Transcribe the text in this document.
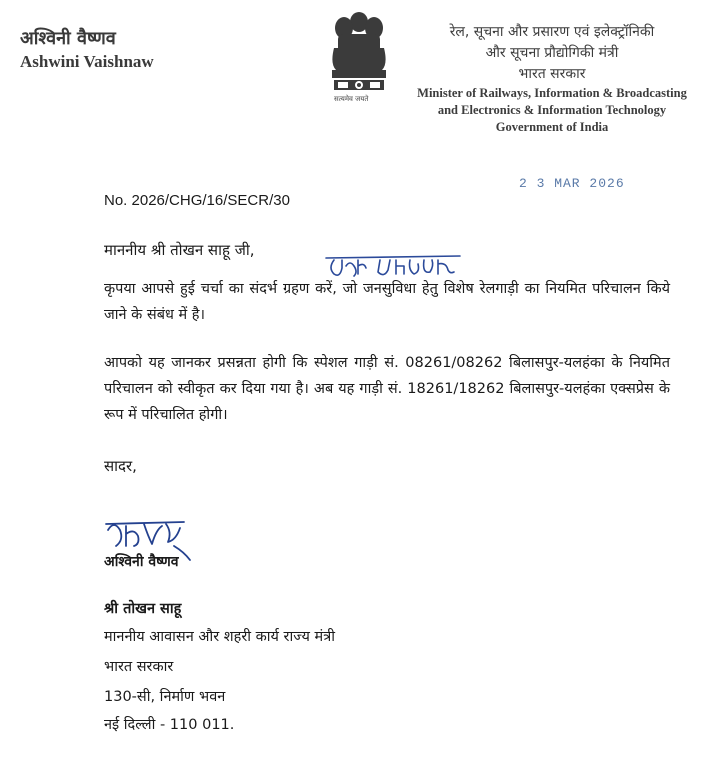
अश्विनी वैष्णव
Ashwini Vaishnaw
सत्यमेव जयते
रेल, सूचना और प्रसारण एवं इलेक्ट्रॉनिकी
और सूचना प्रौद्योगिकी मंत्री
भारत सरकार
Minister of Railways, Information & Broadcasting
and Electronics & Information Technology
Government of India
2 3 MAR 2026
No. 2026/CHG/16/SECR/30
माननीय श्री तोखन साहू जी,
कृपया आपसे हुई चर्चा का संदर्भ ग्रहण करें, जो जनसुविधा हेतु विशेष रेलगाड़ी का नियमित परिचालन किये जाने के संबंध में है।
आपको यह जानकर प्रसन्नता होगी कि स्पेशल गाड़ी सं. 08261/08262 बिलासपुर-यलहंका के नियमित परिचालन को स्वीकृत कर दिया गया है। अब यह गाड़ी सं. 18261/18262 बिलासपुर-यलहंका एक्सप्रेस के रूप में परिचालित होगी।
सादर,
अश्विनी वैष्णव
श्री तोखन साहू
माननीय आवासन और शहरी कार्य राज्य मंत्री
भारत सरकार
130-सी, निर्माण भवन
नई दिल्ली - 110 011.
